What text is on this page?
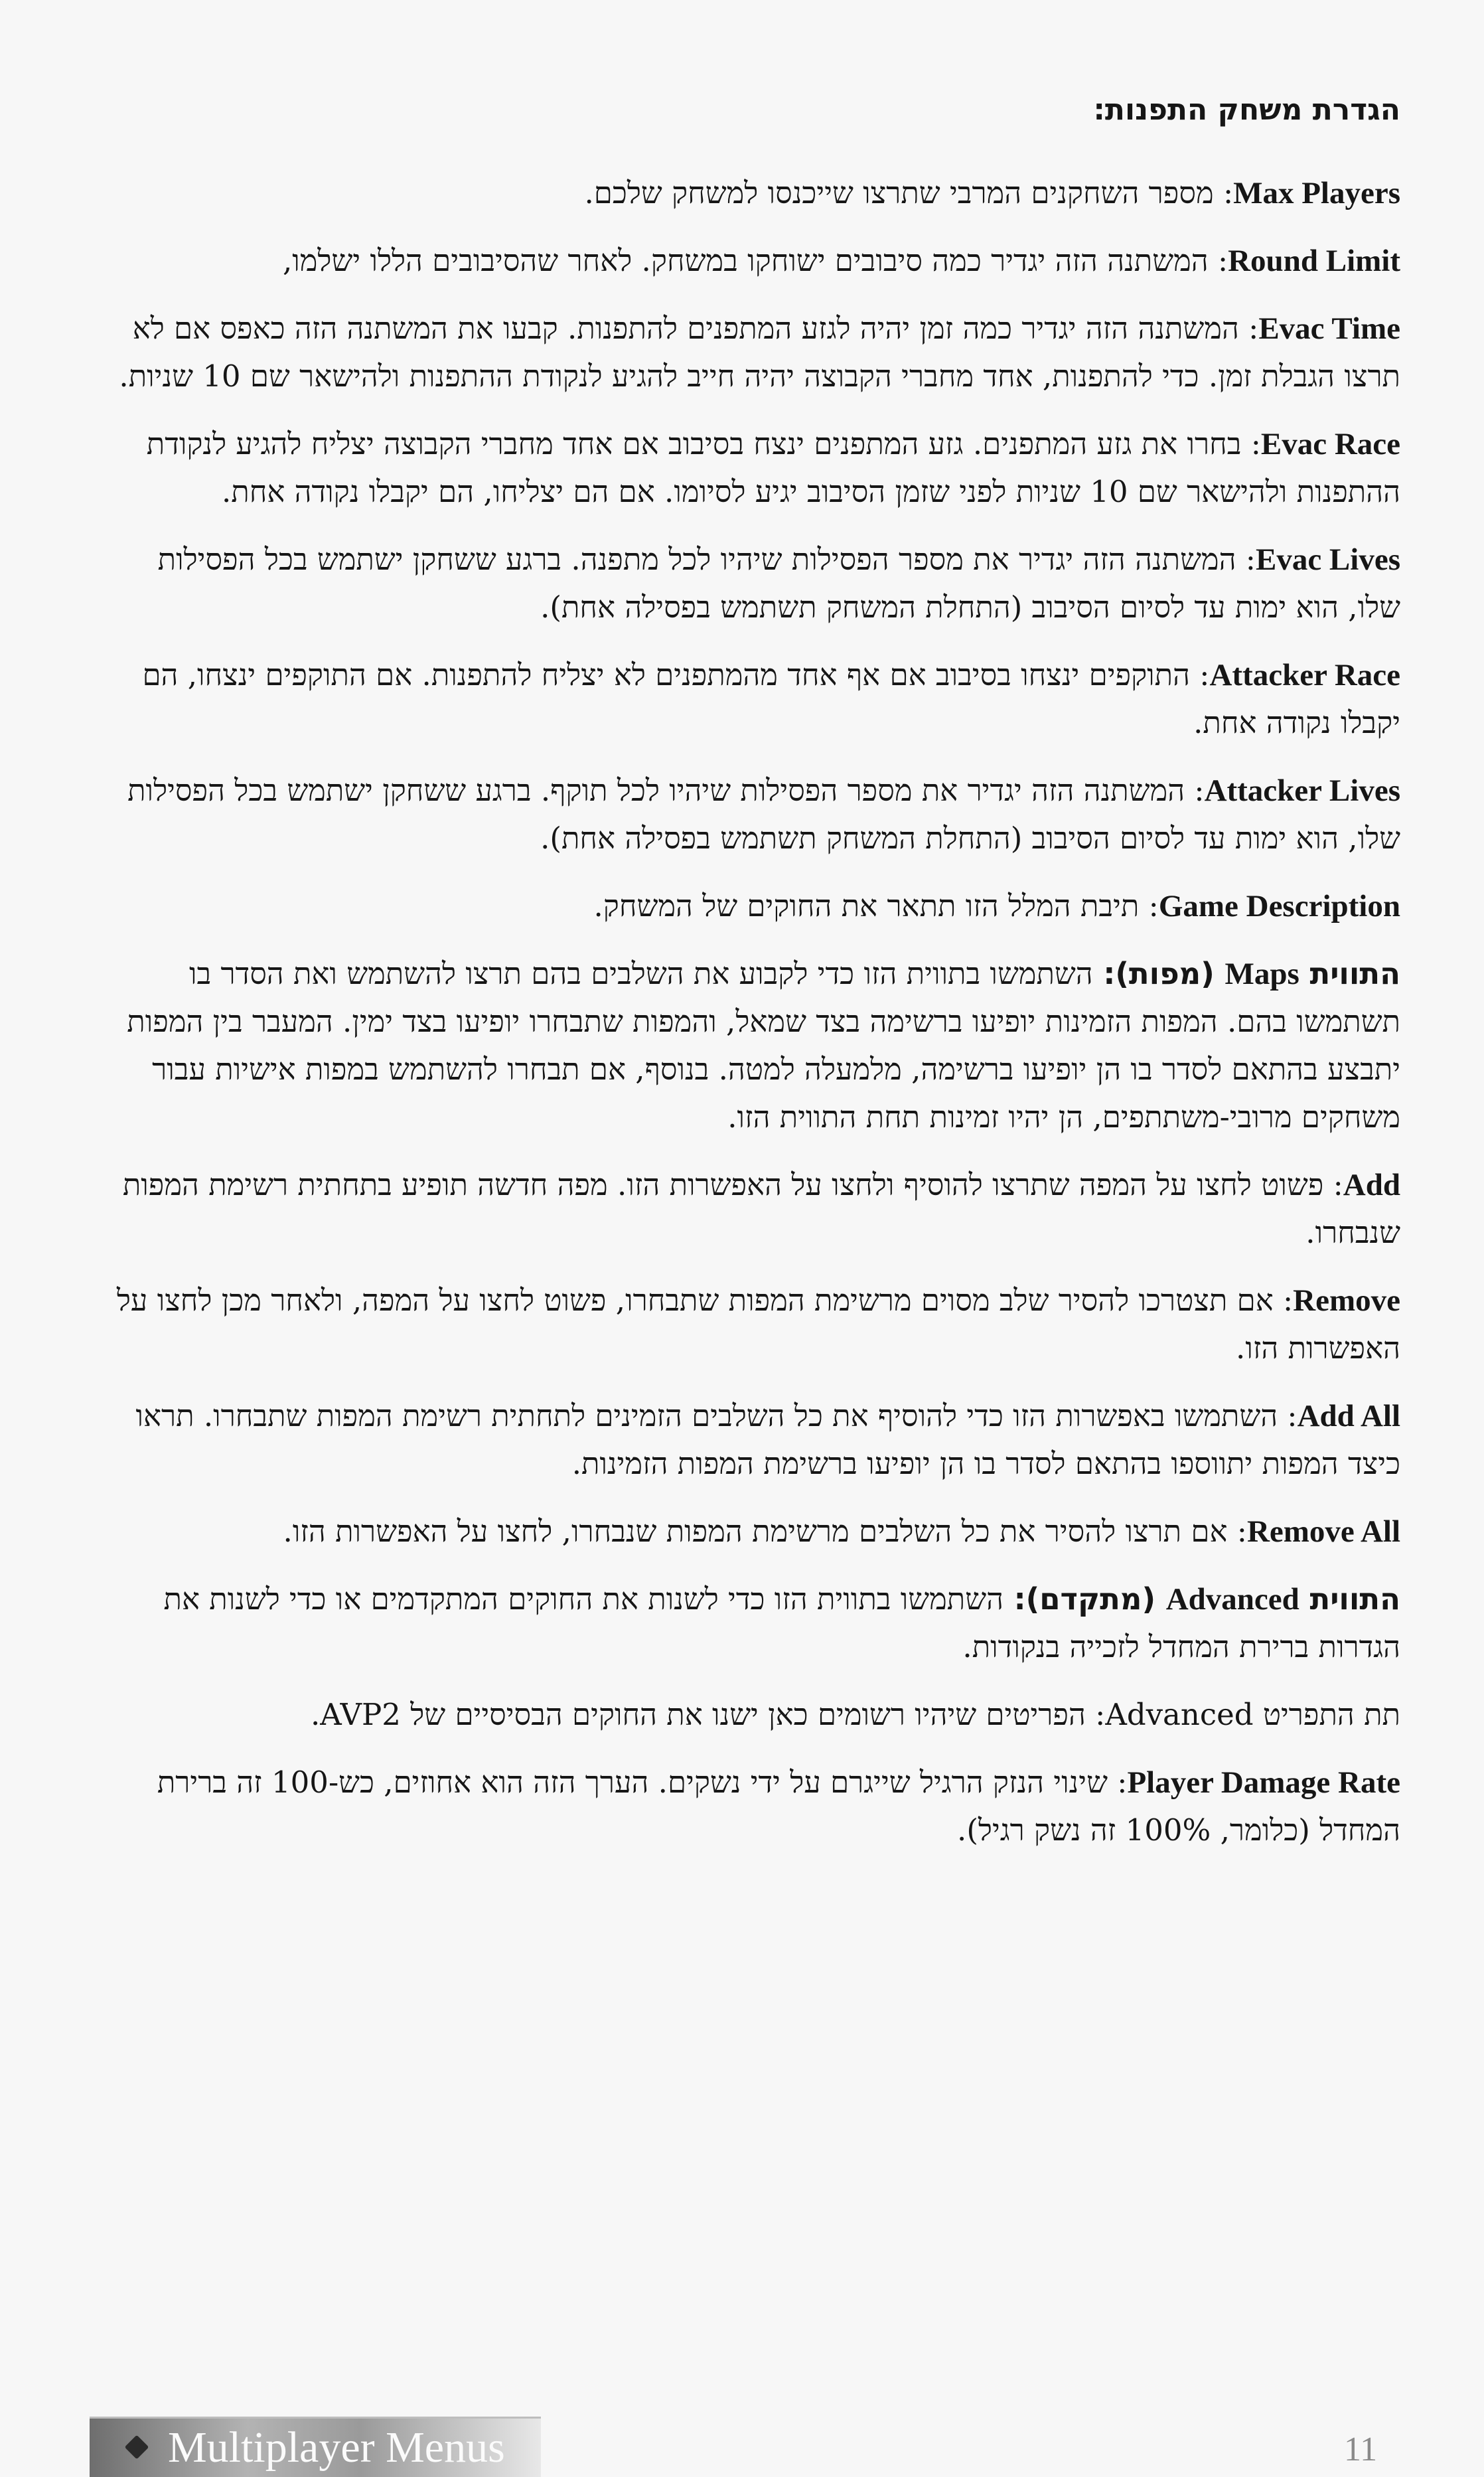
הגדרת משחק התפנות:
Max Players: מספר השחקנים המרבי שתרצו שייכנסו למשחק שלכם.
Round Limit: המשתנה הזה יגדיר כמה סיבובים ישוחקו במשחק. לאחר שהסיבובים הללו ישלמו,
Evac Time: המשתנה הזה יגדיר כמה זמן יהיה לגזע המתפנים להתפנות. קבעו את המשתנה הזה כאפס אם לא תרצו הגבלת זמן. כדי להתפנות, אחד מחברי הקבוצה יהיה חייב להגיע לנקודת ההתפנות ולהישאר שם 10 שניות.
Evac Race: בחרו את גזע המתפנים. גזע המתפנים ינצח בסיבוב אם אחד מחברי הקבוצה יצליח להגיע לנקודת ההתפנות ולהישאר שם 10 שניות לפני שזמן הסיבוב יגיע לסיומו. אם הם יצליחו, הם יקבלו נקודה אחת.
Evac Lives: המשתנה הזה יגדיר את מספר הפסילות שיהיו לכל מתפנה. ברגע ששחקן ישתמש בכל הפסילות שלו, הוא ימות עד לסיום הסיבוב (התחלת המשחק תשתמש בפסילה אחת).
Attacker Race: התוקפים ינצחו בסיבוב אם אף אחד מהמתפנים לא יצליח להתפנות. אם התוקפים ינצחו, הם יקבלו נקודה אחת.
Attacker Lives: המשתנה הזה יגדיר את מספר הפסילות שיהיו לכל תוקף. ברגע ששחקן ישתמש בכל הפסילות שלו, הוא ימות עד לסיום הסיבוב (התחלת המשחק תשתמש בפסילה אחת).
Game Description: תיבת המלל הזו תתאר את החוקים של המשחק.
התווית Maps (מפות): השתמשו בתווית הזו כדי לקבוע את השלבים בהם תרצו להשתמש ואת הסדר בו תשתמשו בהם. המפות הזמינות יופיעו ברשימה בצד שמאל, והמפות שתבחרו יופיעו בצד ימין. המעבר בין המפות יתבצע בהתאם לסדר בו הן יופיעו ברשימה, מלמעלה למטה. בנוסף, אם תבחרו להשתמש במפות אישיות עבור משחקים מרובי-משתתפים, הן יהיו זמינות תחת התווית הזו.
Add: פשוט לחצו על המפה שתרצו להוסיף ולחצו על האפשרות הזו. מפה חדשה תופיע בתחתית רשימת המפות שנבחרו.
Remove: אם תצטרכו להסיר שלב מסוים מרשימת המפות שתבחרו, פשוט לחצו על המפה, ולאחר מכן לחצו על האפשרות הזו.
Add All: השתמשו באפשרות הזו כדי להוסיף את כל השלבים הזמינים לתחתית רשימת המפות שתבחרו. תראו כיצד המפות יתווספו בהתאם לסדר בו הן יופיעו ברשימת המפות הזמינות.
Remove All: אם תרצו להסיר את כל השלבים מרשימת המפות שנבחרו, לחצו על האפשרות הזו.
התווית Advanced (מתקדם): השתמשו בתווית הזו כדי לשנות את החוקים המתקדמים או כדי לשנות את הגדרות ברירת המחדל לזכייה בנקודות.
תת התפריט Advanced: הפריטים שיהיו רשומים כאן ישנו את החוקים הבסיסיים של AVP2.
Player Damage Rate: שינוי הנזק הרגיל שייגרם על ידי נשקים. הערך הזה הוא אחוזים, כש-100 זה ברירת המחדל (כלומר, 100% זה נשק רגיל).
Multiplayer Menus	11
